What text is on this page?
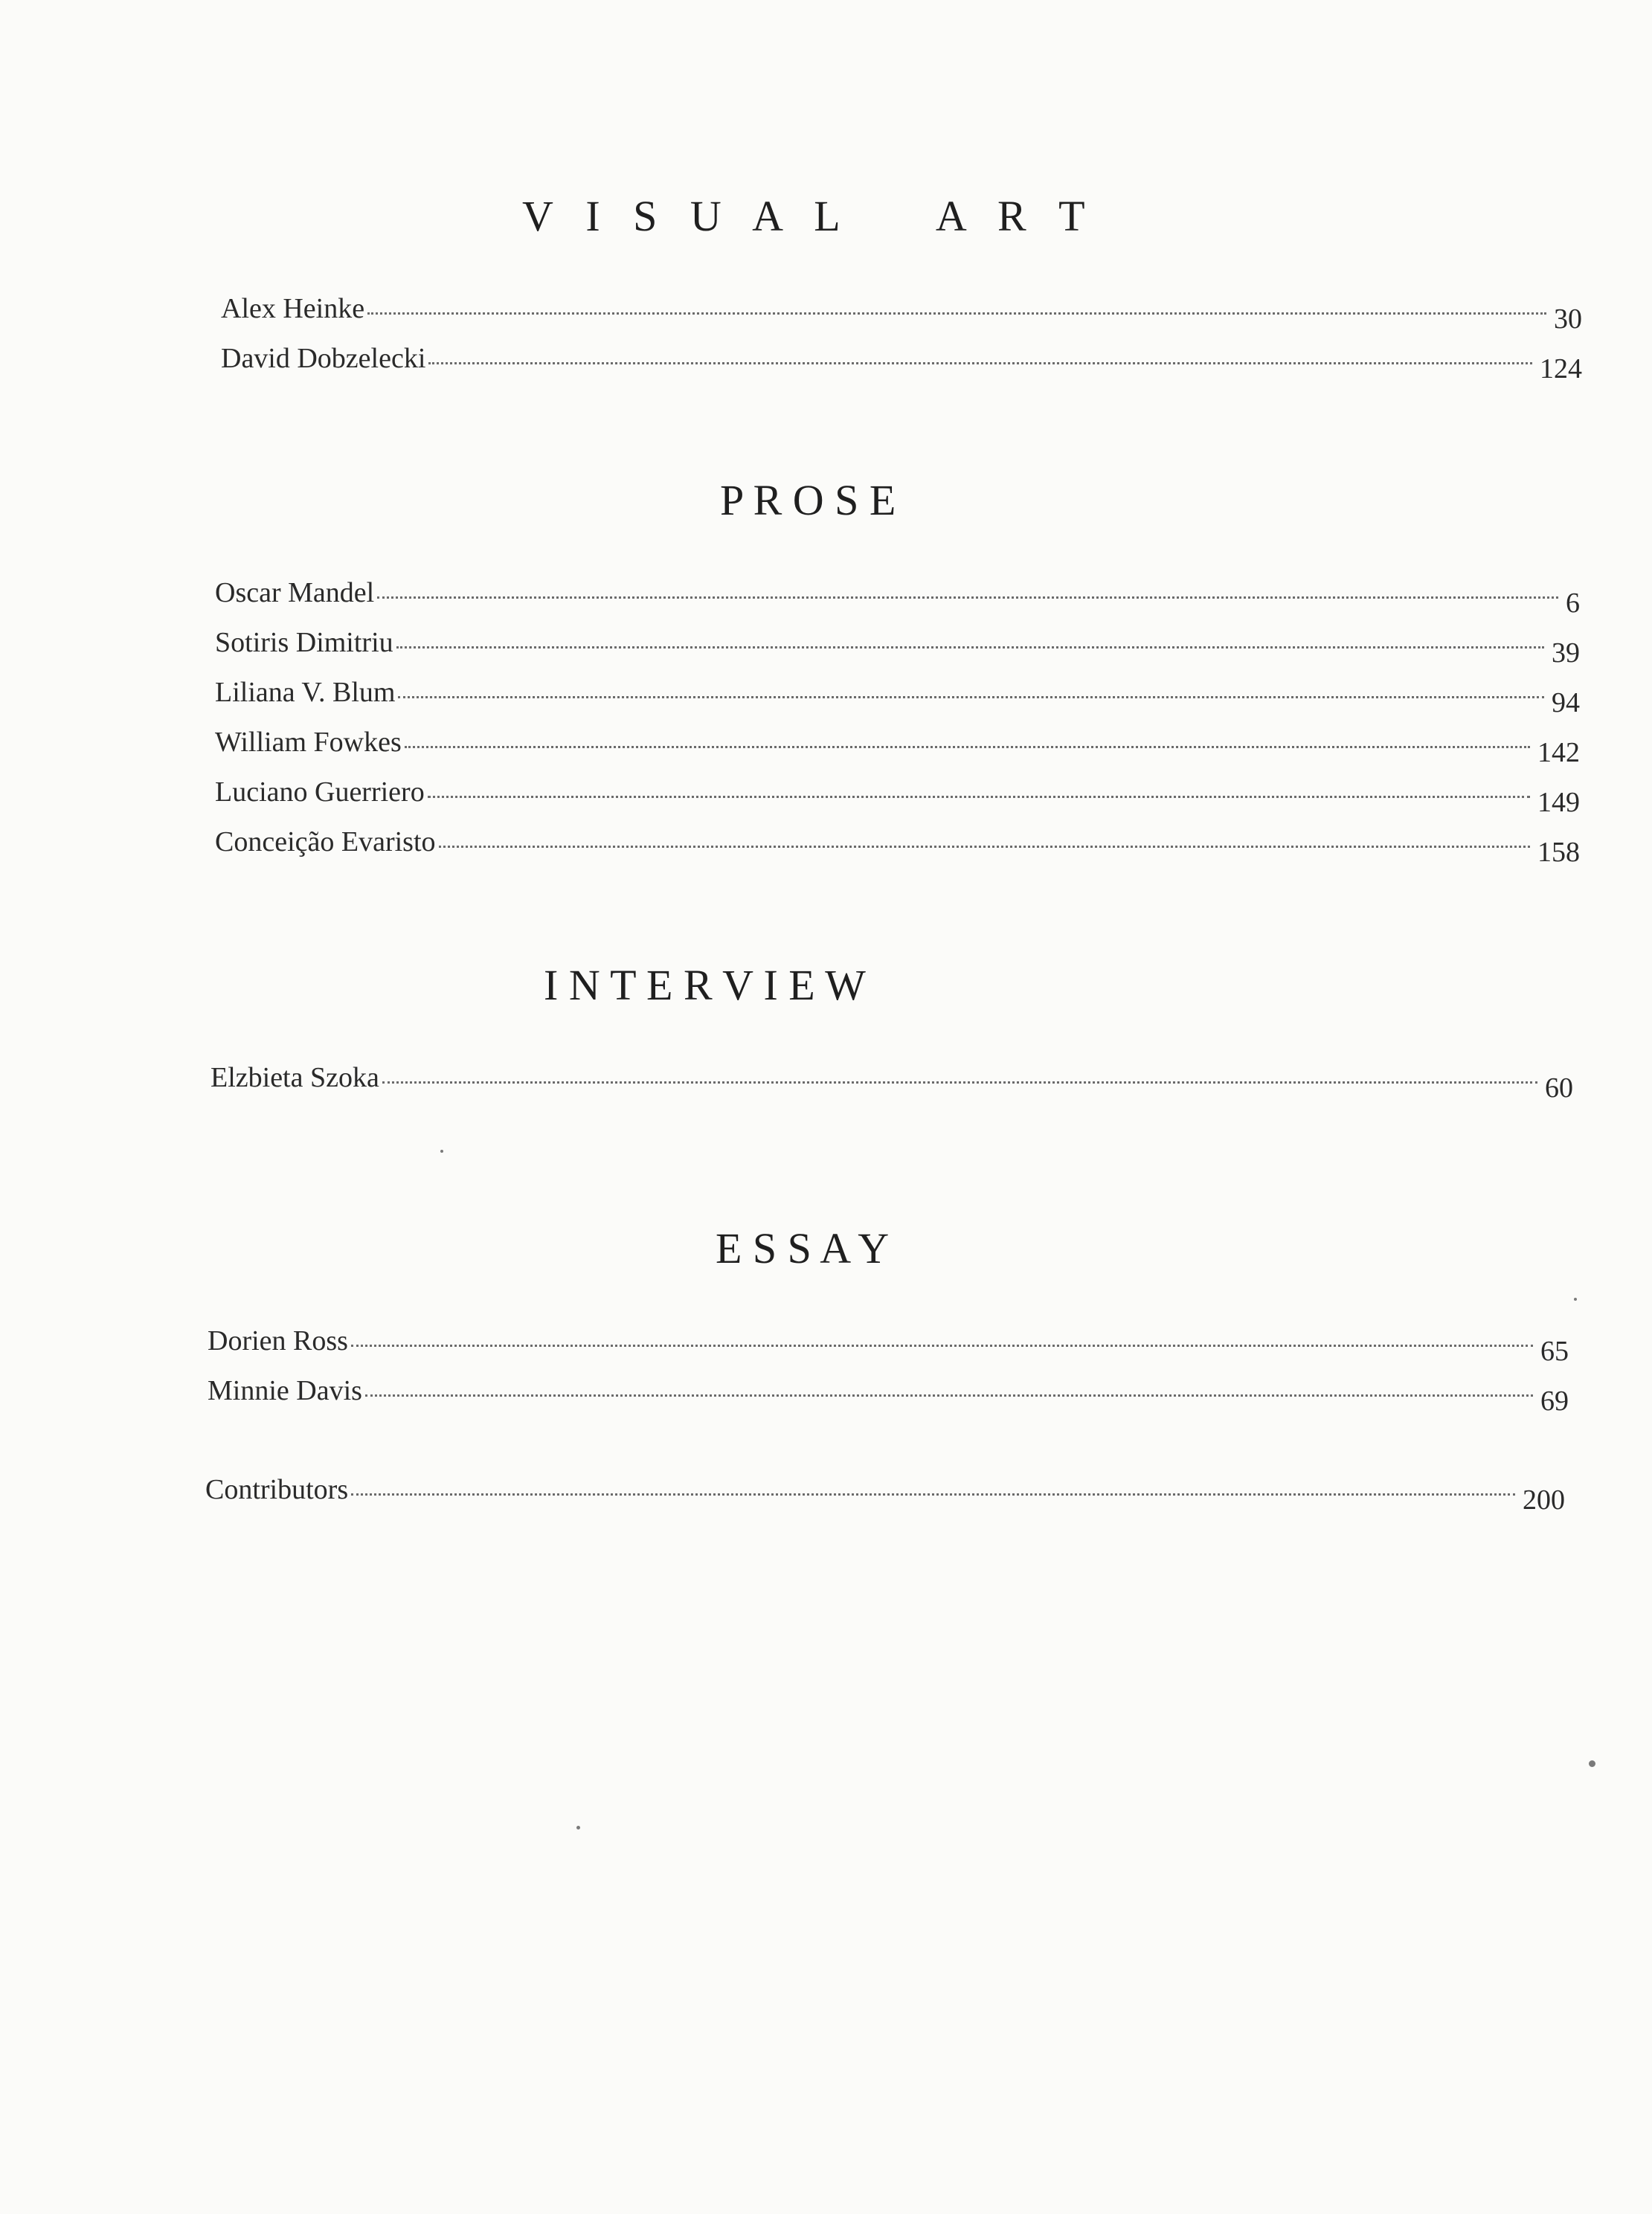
V I S U A L   A R T
Alex Heinke	30
David Dobzelecki	124
P R O S E
Oscar Mandel	6
Sotiris Dimitriu	39
Liliana V. Blum	94
William Fowkes	142
Luciano Guerriero	149
Conceição Evaristo	158
I N T E R V I E W
Elzbieta Szoka	60
E S S A Y
Dorien Ross	65
Minnie Davis	69
Contributors	200
